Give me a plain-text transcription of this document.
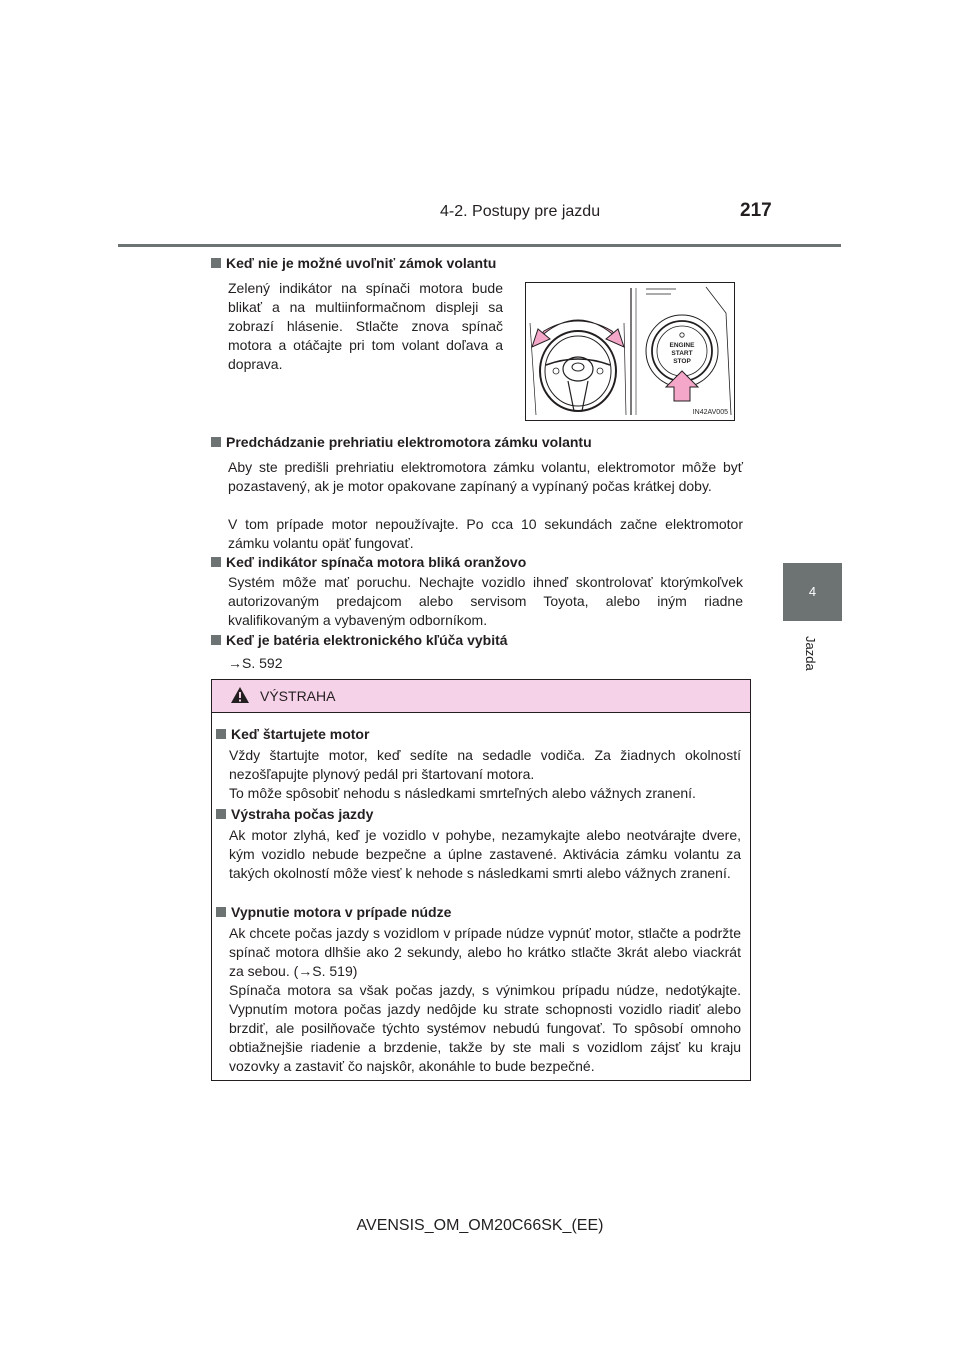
4-2. Postupy pre jazdu	217
4
Jazda
Keď nie je možné uvoľniť zámok volantu
Zelený indikátor na spínači motora bude blikať a na multiinformačnom displeji sa zobrazí hlásenie. Stlačte znova spínač motora a otáčajte pri tom volant doľava a doprava.
ENGINE
START
STOP
IN42AV005
Predchádzanie prehriatiu elektromotora zámku volantu
Aby ste predišli prehriatiu elektromotora zámku volantu, elektromotor môže byť pozastavený, ak je motor opakovane zapínaný a vypínaný počas krátkej doby.
V tom prípade motor nepoužívajte. Po cca 10 sekundách začne elektromotor zámku volantu opäť fungovať.
Keď indikátor spínača motora bliká oranžovo
Systém môže mať poruchu. Nechajte vozidlo ihneď skontrolovať ktorýmkoľvek autorizovaným predajcom alebo servisom Toyota, alebo iným riadne kvalifikovaným a vybaveným odborníkom.
Keď je batéria elektronického kľúča vybitá
→S. 592
VÝSTRAHA
Keď štartujete motor
Vždy štartujte motor, keď sedíte na sedadle vodiča. Za žiadnych okolností nezošľapujte plynový pedál pri štartovaní motora.
To môže spôsobiť nehodu s následkami smrteľných alebo vážnych zranení.
Výstraha počas jazdy
Ak motor zlyhá, keď je vozidlo v pohybe, nezamykajte alebo neotvárajte dvere, kým vozidlo nebude bezpečne a úplne zastavené. Aktivácia zámku volantu za takých okolností môže viesť k nehode s následkami smrti alebo vážnych zranení.
Vypnutie motora v prípade núdze
Ak chcete počas jazdy s vozidlom v prípade núdze vypnúť motor, stlačte a podržte spínač motora dlhšie ako 2 sekundy, alebo ho krátko stlačte 3krát alebo viackrát za sebou. (→S. 519)
Spínača motora sa však počas jazdy, s výnimkou prípadu núdze, nedotýkajte. Vypnutím motora počas jazdy nedôjde ku strate schopnosti vozidlo riadiť alebo brzdiť, ale posilňovače týchto systémov nebudú fungovať. To spôsobí omnoho obtiažnejšie riadenie a brzdenie, takže by ste mali s vozidlom zájsť ku kraju vozovky a zastaviť čo najskôr, akonáhle to bude bezpečné.
AVENSIS_OM_OM20C66SK_(EE)
